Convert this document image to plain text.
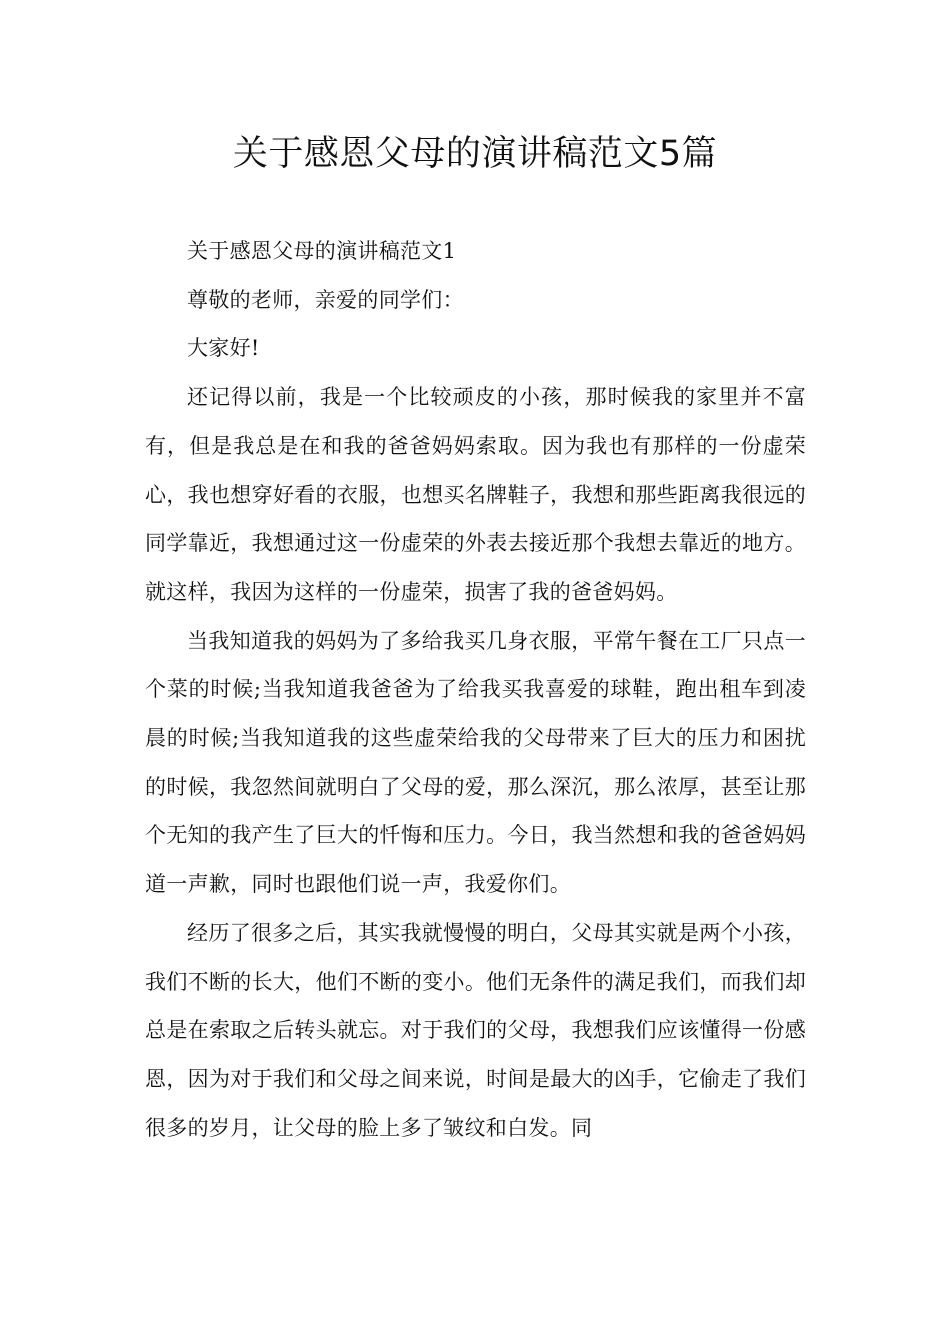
关于感恩父母的演讲稿范文5篇

关于感恩父母的演讲稿范文1

尊敬的老师，亲爱的同学们：

大家好!

还记得以前，我是一个比较顽皮的小孩，那时候我的家里并不富有，但是我总是在和我的爸爸妈妈索取。因为我也有那样的一份虚荣心，我也想穿好看的衣服，也想买名牌鞋子，我想和那些距离我很远的同学靠近，我想通过这一份虚荣的外表去接近那个我想去靠近的地方。就这样，我因为这样的一份虚荣，损害了我的爸爸妈妈。

当我知道我的妈妈为了多给我买几身衣服，平常午餐在工厂只点一个菜的时候;当我知道我爸爸为了给我买我喜爱的球鞋，跑出租车到凌晨的时候;当我知道我的这些虚荣给我的父母带来了巨大的压力和困扰的时候，我忽然间就明白了父母的爱，那么深沉，那么浓厚，甚至让那个无知的我产生了巨大的忏悔和压力。今日，我当然想和我的爸爸妈妈道一声歉，同时也跟他们说一声，我爱你们。

经历了很多之后，其实我就慢慢的明白，父母其实就是两个小孩，我们不断的长大，他们不断的变小。他们无条件的满足我们，而我们却总是在索取之后转头就忘。对于我们的父母，我想我们应该懂得一份感恩，因为对于我们和父母之间来说，时间是最大的凶手，它偷走了我们很多的岁月，让父母的脸上多了皱纹和白发。同
